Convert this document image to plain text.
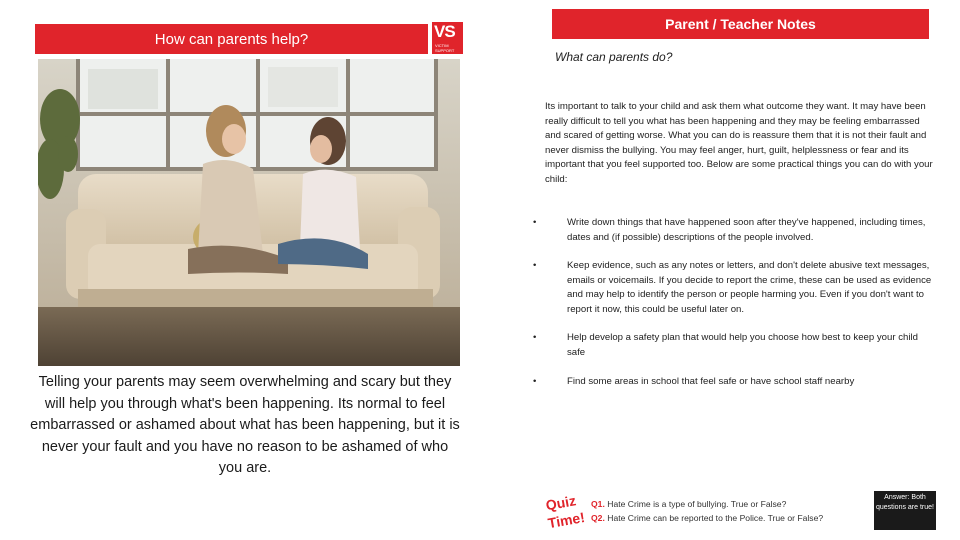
How can parents help?	VS
VICTIM
SUPPORT
Telling your parents may seem overwhelming and scary but they will help you through what's been happening. Its normal to feel embarrassed or ashamed about what has been happening, but it is never your fault and you have no reason to be ashamed of who you are.
Parent / Teacher Notes
What can parents do?
Its important to talk to your child and ask them what outcome they want. It may have been really difficult to tell you what has been happening and they may be feeling embarrassed and scared of getting worse. What you can do is reassure them that it is not their fault and never dismiss the bullying. You may feel anger, hurt, guilt, helplessness or fear and its important that you feel supported too. Below are some practical things you can do with your child:
•	Write down things that have happened soon after they've happened, including times, dates and (if possible) descriptions of the people involved.
•	Keep evidence, such as any notes or letters, and don't delete abusive text messages, emails or voicemails. If you decide to report the crime, these can be used as evidence and may help to identify the person or people harming you. Even if you don't want to report it now, this could be useful later on.
•	Help develop a safety plan that would help you choose how best to keep your child safe
•	Find some areas in school that feel safe or have school staff nearby
Quiz
Time!
Q1. Hate Crime is a type of bullying. True or False?
Q2. Hate Crime can be reported to the Police. True or False?
Answer: Both questions are true!
